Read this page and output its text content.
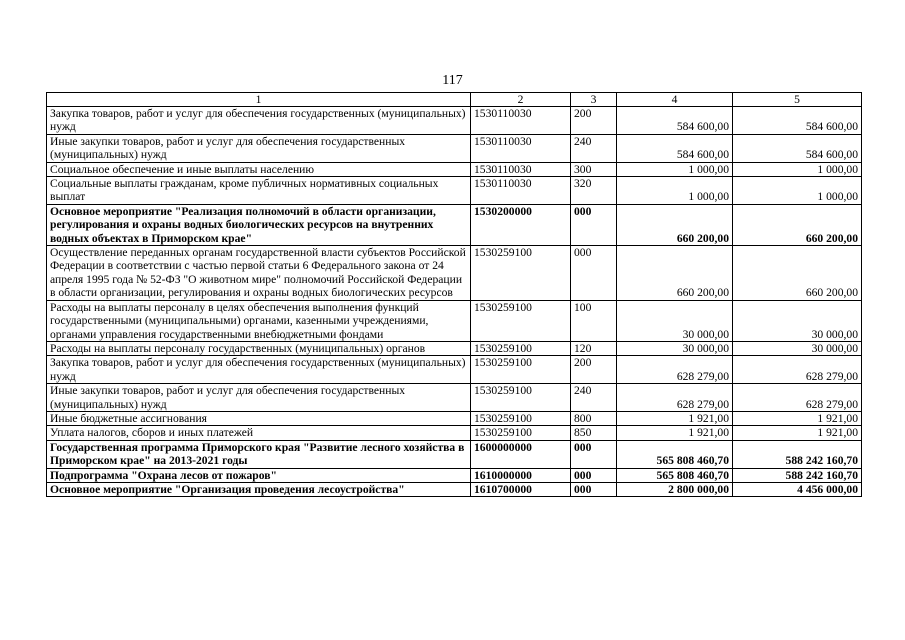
117
1	2	3	4	5
Закупка товаров, работ и услуг для обеспечения государственных (муниципальных) нужд	1530110030	200	584 600,00	584 600,00
Иные закупки товаров, работ и услуг для обеспечения государственных (муниципальных) нужд	1530110030	240	584 600,00	584 600,00
Социальное обеспечение и иные выплаты населению	1530110030	300	1 000,00	1 000,00
Социальные выплаты гражданам, кроме публичных нормативных социальных выплат	1530110030	320	1 000,00	1 000,00
Основное мероприятие "Реализация полномочий в области организации, регулирования и охраны водных биологических ресурсов на внутренних водных объектах в Приморском крае"	1530200000	000	660 200,00	660 200,00
Осуществление переданных органам государственной власти субъектов Российской Федерации в соответствии с частью первой статьи 6 Федерального закона от 24 апреля 1995 года № 52-ФЗ "О животном мире" полномочий Российской Федерации в области организации, регулирования и охраны водных биологических ресурсов	1530259100	000	660 200,00	660 200,00
Расходы на выплаты персоналу в целях обеспечения выполнения функций государственными (муниципальными) органами, казенными учреждениями, органами управления государственными внебюджетными фондами	1530259100	100	30 000,00	30 000,00
Расходы на выплаты персоналу государственных (муниципальных) органов	1530259100	120	30 000,00	30 000,00
Закупка товаров, работ и услуг для обеспечения государственных (муниципальных) нужд	1530259100	200	628 279,00	628 279,00
Иные закупки товаров, работ и услуг для обеспечения государственных (муниципальных) нужд	1530259100	240	628 279,00	628 279,00
Иные бюджетные ассигнования	1530259100	800	1 921,00	1 921,00
Уплата налогов, сборов и иных платежей	1530259100	850	1 921,00	1 921,00
Государственная программа Приморского края "Развитие лесного хозяйства в Приморском крае" на 2013-2021 годы	1600000000	000	565 808 460,70	588 242 160,70
Подпрограмма "Охрана лесов от пожаров"	1610000000	000	565 808 460,70	588 242 160,70
Основное мероприятие "Организация проведения лесоустройства"	1610700000	000	2 800 000,00	4 456 000,00
